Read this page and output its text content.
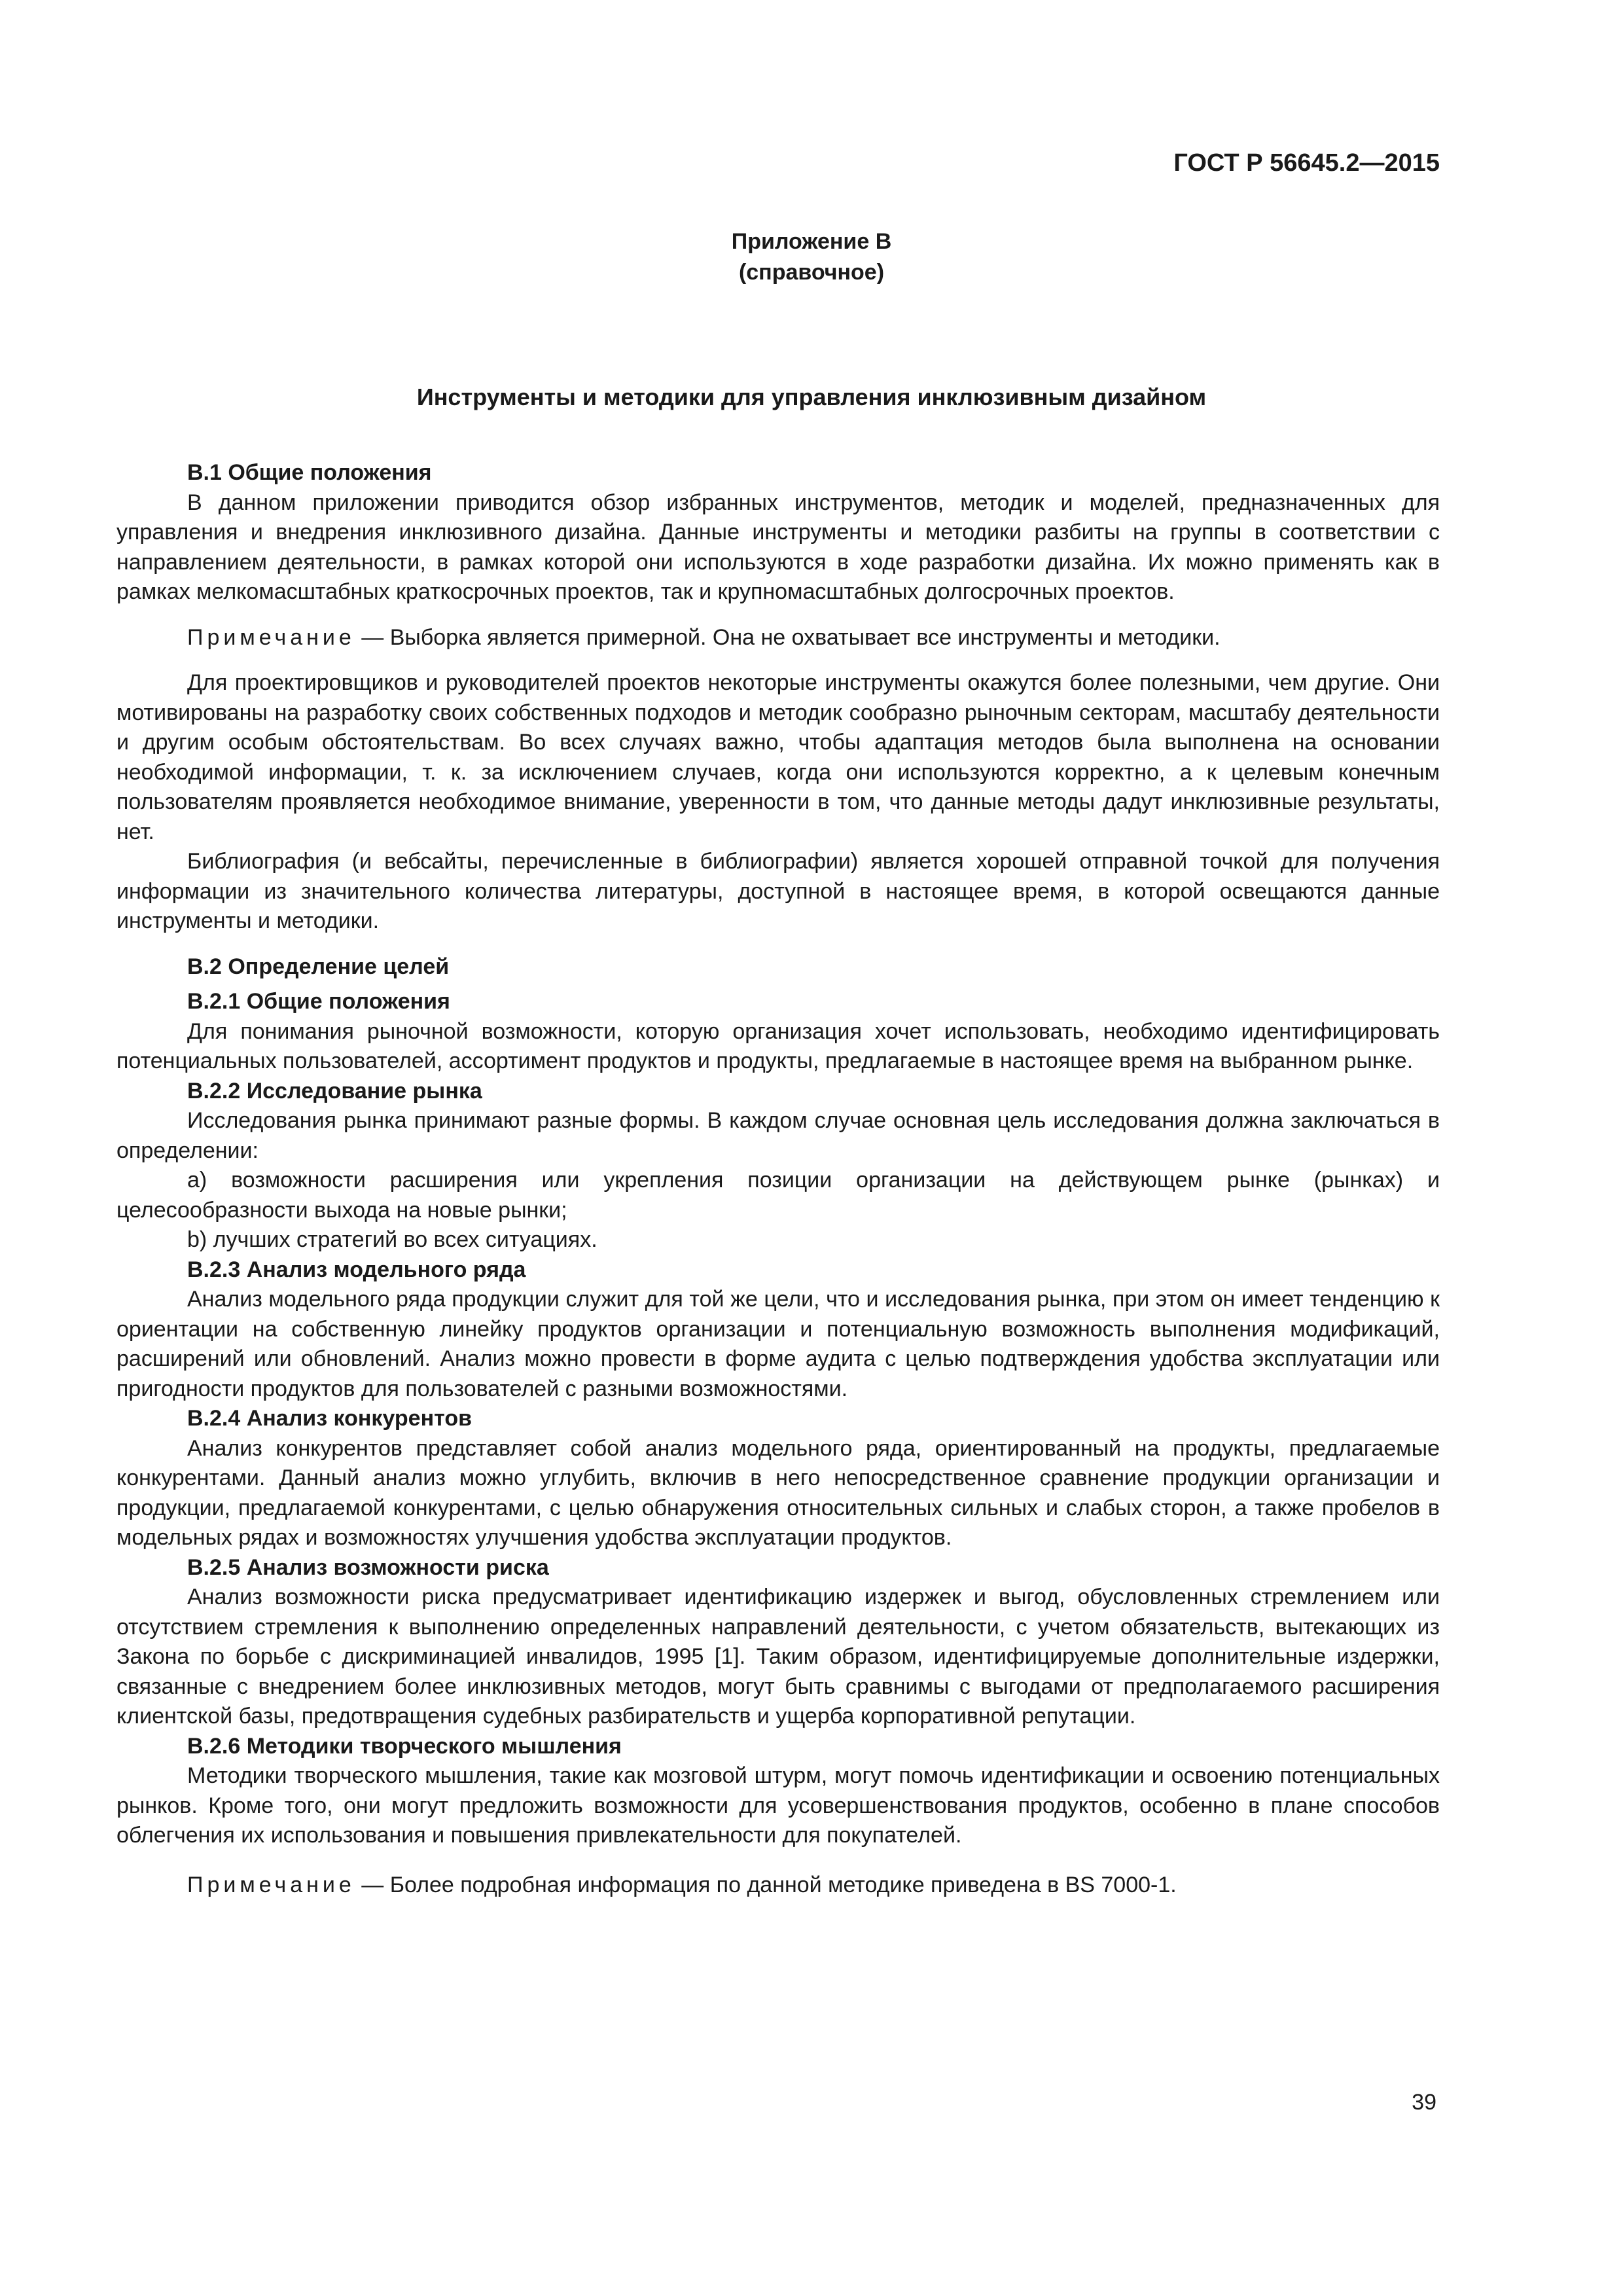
ГОСТ Р 56645.2—2015

Приложение В

(справочное)

Инструменты и методики для управления инклюзивным дизайном

В.1 Общие положения

В данном приложении приводится обзор избранных инструментов, методик и моделей, предназначенных для управления и внедрения инклюзивного дизайна. Данные инструменты и методики разбиты на группы в соответствии с направлением деятельности, в рамках которой они используются в ходе разработки дизайна. Их можно применять как в рамках мелкомасштабных краткосрочных проектов, так и крупномасштабных долгосрочных проектов.

Примечание — Выборка является примерной. Она не охватывает все инструменты и методики.

Для проектировщиков и руководителей проектов некоторые инструменты окажутся более полезными, чем другие. Они мотивированы на разработку своих собственных подходов и методик сообразно рыночным секторам, масштабу деятельности и другим особым обстоятельствам. Во всех случаях важно, чтобы адаптация методов была выполнена на основании необходимой информации, т. к. за исключением случаев, когда они используются корректно, а к целевым конечным пользователям проявляется необходимое внимание, уверенности в том, что данные методы дадут инклюзивные результаты, нет.

Библиография (и вебсайты, перечисленные в библиографии) является хорошей отправной точкой для получения информации из значительного количества литературы, доступной в настоящее время, в которой освещаются данные инструменты и методики.

В.2 Определение целей
В.2.1 Общие положения

Для понимания рыночной возможности, которую организация хочет использовать, необходимо идентифицировать потенциальных пользователей, ассортимент продуктов и продукты, предлагаемые в настоящее время на выбранном рынке.

В.2.2 Исследование рынка

Исследования рынка принимают разные формы. В каждом случае основная цель исследования должна заключаться в определении:

a) возможности расширения или укрепления позиции организации на действующем рынке (рынках) и целесообразности выхода на новые рынки;

b) лучших стратегий во всех ситуациях.

В.2.3 Анализ модельного ряда

Анализ модельного ряда продукции служит для той же цели, что и исследования рынка, при этом он имеет тенденцию к ориентации на собственную линейку продуктов организации и потенциальную возможность выполнения модификаций, расширений или обновлений. Анализ можно провести в форме аудита с целью подтверждения удобства эксплуатации или пригодности продуктов для пользователей с разными возможностями.

В.2.4 Анализ конкурентов

Анализ конкурентов представляет собой анализ модельного ряда, ориентированный на продукты, предлагаемые конкурентами. Данный анализ можно углубить, включив в него непосредственное сравнение продукции организации и продукции, предлагаемой конкурентами, с целью обнаружения относительных сильных и слабых сторон, а также пробелов в модельных рядах и возможностях улучшения удобства эксплуатации продуктов.

В.2.5 Анализ возможности риска

Анализ возможности риска предусматривает идентификацию издержек и выгод, обусловленных стремлением или отсутствием стремления к выполнению определенных направлений деятельности, с учетом обязательств, вытекающих из Закона по борьбе с дискриминацией инвалидов, 1995 [1]. Таким образом, идентифицируемые дополнительные издержки, связанные с внедрением более инклюзивных методов, могут быть сравнимы с выгодами от предполагаемого расширения клиентской базы, предотвращения судебных разбирательств и ущерба корпоративной репутации.

В.2.6 Методики творческого мышления

Методики творческого мышления, такие как мозговой штурм, могут помочь идентификации и освоению потенциальных рынков. Кроме того, они могут предложить возможности для усовершенствования продуктов, особенно в плане способов облегчения их использования и повышения привлекательности для покупателей.

Примечание — Более подробная информация по данной методике приведена в BS 7000-1.

39
